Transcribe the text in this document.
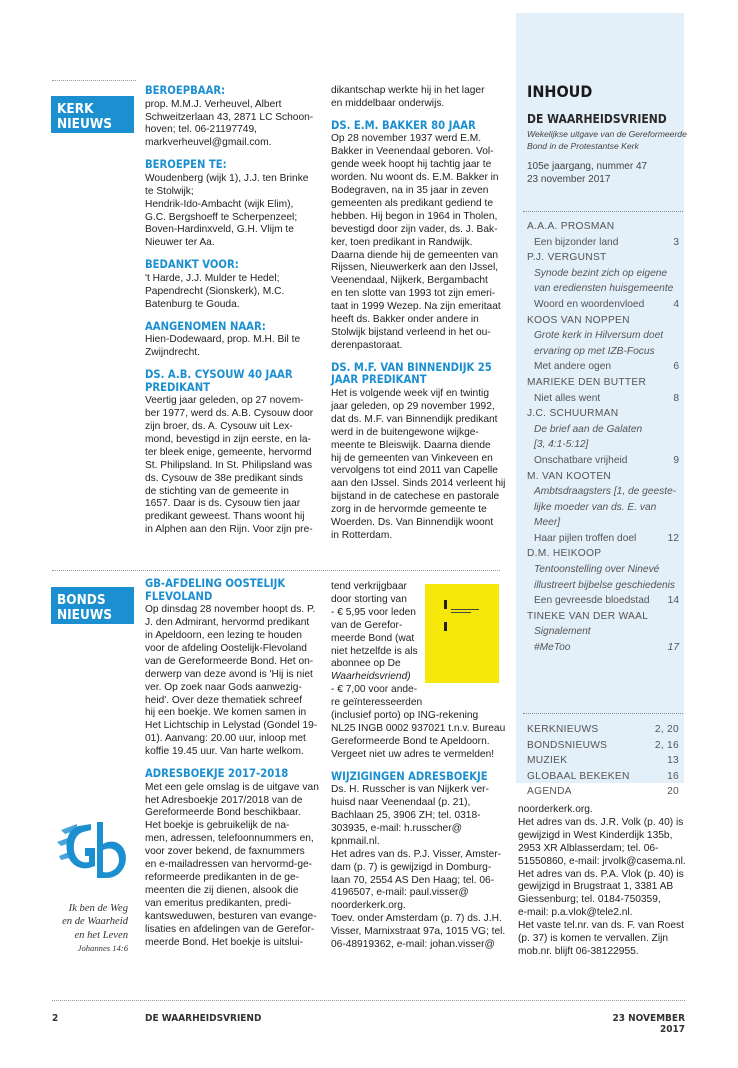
KERK
NIEUWS
BONDS
NIEUWS
BEROEPBAAR:

prop. M.M.J. Verheuvel, Albert

Schweitzerlaan 43, 2871 LC Schoon-

hoven; tel. 06-21197749,

markverheuvel@gmail.com.

BEROEPEN TE:

Woudenberg (wijk 1), J.J. ten Brinke

te Stolwijk;

Hendrik-Ido-Ambacht (wijk Elim),

G.C. Bergshoeff te Scherpenzeel;

Boven-Hardinxveld, G.H. Vlijm te

Nieuwer ter Aa.

BEDANKT VOOR:

't Harde, J.J. Mulder te Hedel;

Papendrecht (Sionskerk), M.C.

Batenburg te Gouda.

AANGENOMEN NAAR:

Hien-Dodewaard, prop. M.H. Bil te

Zwijndrecht.

DS. A.B. CYSOUW 40 JAAR PREDIKANT

Veertig jaar geleden, op 27 novem-

ber 1977, werd ds. A.B. Cysouw door

zijn broer, ds. A. Cysouw uit Lex-

mond, bevestigd in zijn eerste, en la-

ter bleek enige, gemeente, hervormd

St. Philipsland. In St. Philipsland was

ds. Cysouw de 38e predikant sinds

de stichting van de gemeente in

1657. Daar is ds. Cysouw tien jaar

predikant geweest. Thans woont hij

in Alphen aan den Rijn. Voor zijn pre-

dikantschap werkte hij in het lager

en middelbaar onderwijs.

DS. E.M. BAKKER 80 JAAR

Op 28 november 1937 werd E.M.

Bakker in Veenendaal geboren. Vol-

gende week hoopt hij tachtig jaar te

worden. Nu woont ds. E.M. Bakker in

Bodegraven, na in 35 jaar in zeven

gemeenten als predikant gediend te

hebben. Hij begon in 1964 in Tholen,

bevestigd door zijn vader, ds. J. Bak-

ker, toen predikant in Randwijk.

Daarna diende hij de gemeenten van

Rijssen, Nieuwerkerk aan den IJssel,

Veenendaal, Nijkerk, Bergambacht

en ten slotte van 1993 tot zijn emeri-

taat in 1999 Wezep. Na zijn emeritaat

heeft ds. Bakker onder andere in

Stolwijk bijstand verleend in het ou-

derenpastoraat.

DS. M.F. VAN BINNENDIJK 25 JAAR PREDIKANT

Het is volgende week vijf en twintig

jaar geleden, op 29 november 1992,

dat ds. M.F. van Binnendijk predikant

werd in de buitengewone wijkge-

meente te Bleiswijk. Daarna diende

hij de gemeenten van Vinkeveen en

vervolgens tot eind 2011 van Capelle

aan den IJssel. Sinds 2014 verleent hij

bijstand in de catechese en pastorale

zorg in de hervormde gemeente te

Woerden. Ds. Van Binnendijk woont

in Rotterdam.

GB-AFDELING OOSTELIJK FLEVOLAND

Op dinsdag 28 november hoopt ds. P.

J. den Admirant, hervormd predikant

in Apeldoorn, een lezing te houden

voor de afdeling Oostelijk-Flevoland

van de Gereformeerde Bond. Het on-

derwerp van deze avond is 'Hij is niet

ver. Op zoek naar Gods aanwezig-

heid'. Over deze thematiek schreef

hij een boekje. We komen samen in

Het Lichtschip in Lelystad (Gondel 19-

01). Aanvang: 20.00 uur, inloop met

koffie 19.45 uur. Van harte welkom.

ADRESBOEKJE 2017-2018

Met een gele omslag is de uitgave van

het Adresboekje 2017/2018 van de

Gereformeerde Bond beschikbaar.

Het boekje is gebruikelijk de na-

men, adressen, telefoonnummers en,

voor zover bekend, de faxnummers

en e-mailadressen van hervormd-ge-

reformeerde predikanten in de ge-

meenten die zij dienen, alsook die

van emeritus predikanten, predi-

kantsweduwen, besturen van evange-

lisaties en afdelingen van de Gerefor-

meerde Bond. Het boekje is uitslui-

tend verkrijgbaar

door storting van

- € 5,95 voor leden

van de Gerefor-

meerde Bond (wat

niet hetzelfde is als

abonnee op De

Waarheidsvriend)

- € 7,00 voor ande-

re geïnteresseerden

(inclusief porto) op ING-rekening

NL25 INGB 0002 937021 t.n.v. Bureau

Gereformeerde Bond te Apeldoorn.

Vergeet niet uw adres te vermelden!

WIJZIGINGEN ADRESBOEKJE

Ds. H. Russcher is van Nijkerk ver-

huisd naar Veenendaal (p. 21),

Bachlaan 25, 3906 ZH; tel. 0318-

303935, e-mail: h.russcher@

kpnmail.nl.

Het adres van ds. P.J. Visser, Amster-

dam (p. 7) is gewijzigd in Domburg-

laan 70, 2554 AS Den Haag; tel. 06-

4196507, e-mail: paul.visser@

noorderkerk.org.

Toev. onder Amsterdam (p. 7) ds. J.H.

Visser, Marnixstraat 97a, 1015 VG; tel.

06-48919362, e-mail: johan.visser@

noorderkerk.org.

Het adres van ds. J.R. Volk (p. 40) is

gewijzigd in West Kinderdijk 135b,

2953 XR Alblasserdam; tel. 06-

51550860, e-mail: jrvolk@casema.nl.

Het adres van ds. P.A. Vlok (p. 40) is

gewijzigd in Brugstraat 1, 3381 AB

Giessenburg; tel. 0184-750359,

e-mail: p.a.vlok@tele2.nl.

Het vaste tel.nr. van ds. F. van Roest

(p. 37) is komen te vervallen. Zijn

mob.nr. blijft 06-38122955.

Ik ben de Weg
en de Waarheid
en het Leven
Johannes 14:6
INHOUD
DE WAARHEIDSVRIEND
Wekelijkse uitgave van de Gereformeerde
Bond in de Protestantse Kerk
105e jaargang, nummer 47
23 november 2017
A.A.A. PROSMAN
Een bijzonder land	3
P.J. VERGUNST
Synode bezint zich op eigene
van erediensten huisgemeente
Woord en woordenvloed	4
KOOS VAN NOPPEN
Grote kerk in Hilversum doet
ervaring op met IZB-Focus
Met andere ogen	6
MARIEKE DEN BUTTER
Niet alles went	8
J.C. SCHUURMAN
De brief aan de Galaten
[3, 4:1-5:12]
Onschatbare vrijheid	9
M. VAN KOOTEN
Ambtsdraagsters [1, de geeste-
lijke moeder van ds. E. van
Meer]
Haar pijlen troffen doel	12
D.M. HEIKOOP
Tentoonstelling over Ninevé
illustreert bijbelse geschiedenis
Een gevreesde bloedstad 14
TINEKE VAN DER WAAL
Signalement
#MeToo	17
KERKNIEUWS	2, 20
BONDSNIEUWS	2, 16
MUZIEK	13
GLOBAAL BEKEKEN	16
AGENDA	20
2	DE WAARHEIDSVRIEND	23 NOVEMBER 2017
